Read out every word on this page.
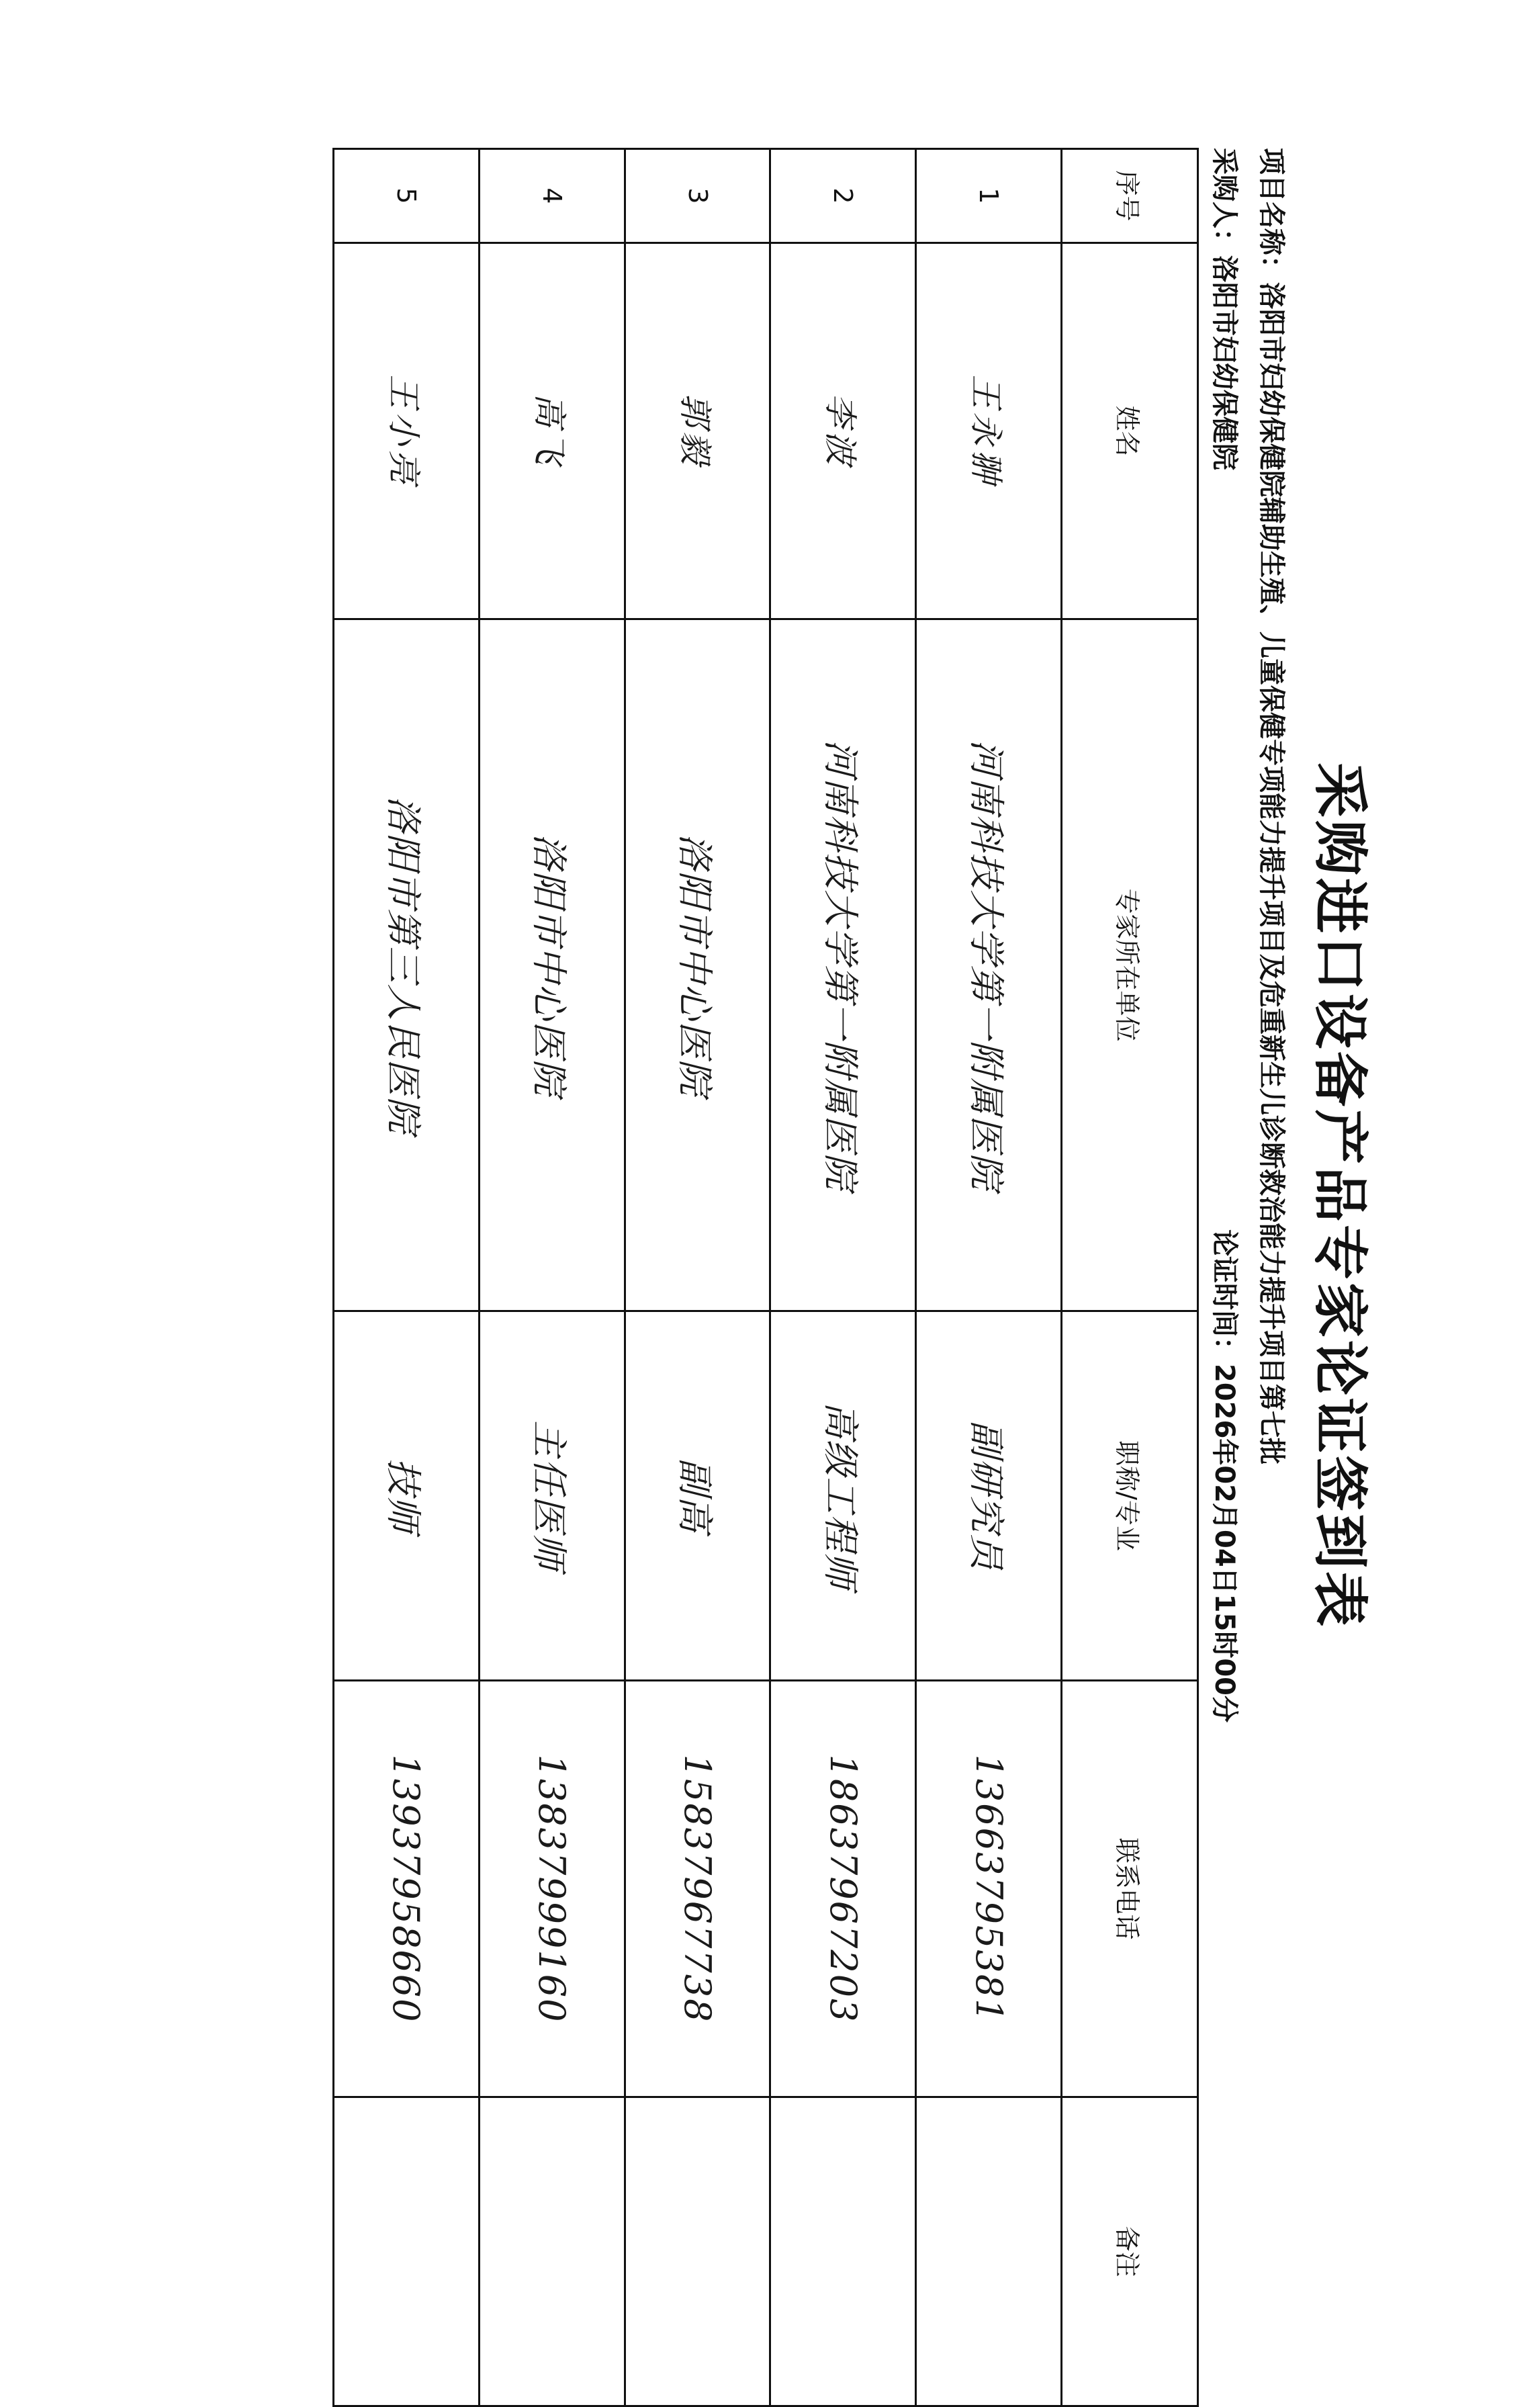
采购进口设备产品专家论证签到表
项目名称：洛阳市妇幼保健院辅助生殖、儿童保健专项能力提升项目及危重新生儿诊断救治能力提升项目第七批
采购人：洛阳市妇幼保健院
论证时间：2026年02月04日15时00分
序号	姓名	专家所在单位	职称/专业	联系电话	备注
1	王永翀	河南科技大学第一附属医院	副研究员	13663795381	
2	李波	河南科技大学第一附属医院	高级工程师	18637967203	
3	郭毅	洛阳市中心医院	副高	15837967738	
4	高飞	洛阳市中心医院	主任医师	13837999160	
5	王小亮	洛阳市第三人民医院	技师	13937958660	
